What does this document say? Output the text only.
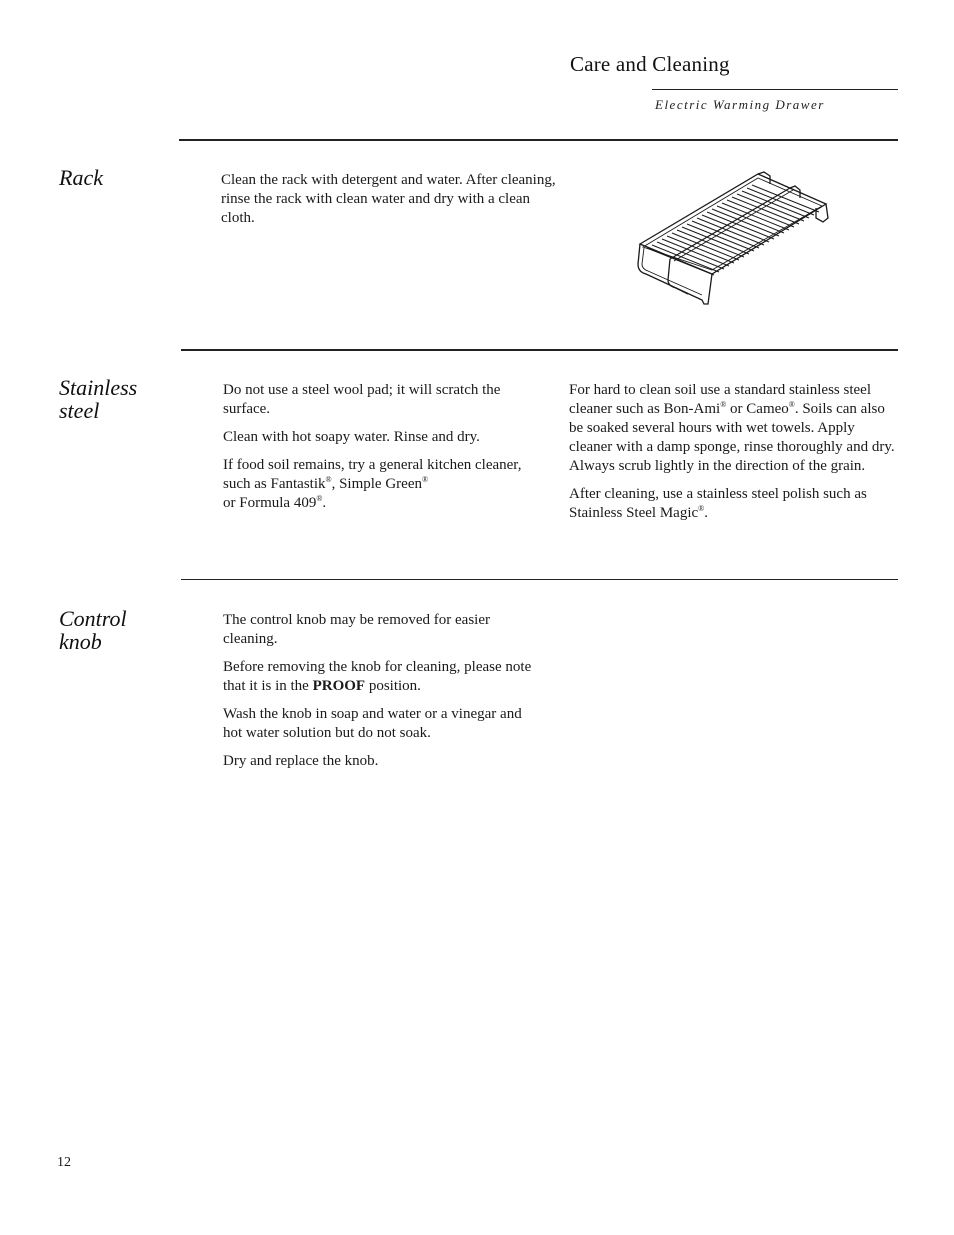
Care and Cleaning
Electric Warming Drawer
Rack	Clean the rack with detergent and water. After cleaning, rinse the rack with clean water and dry with a clean cloth.

Stainless
steel

Do not use a steel wool pad; it will scratch the surface.

Clean with hot soapy water. Rinse and dry.

If food soil remains, try a general kitchen cleaner, such as Fantastik®, Simple Green®
or Formula 409®.

For hard to clean soil use a standard stainless steel cleaner such as Bon-Ami® or Cameo®. Soils can also be soaked several hours with wet towels. Apply cleaner with a damp sponge, rinse thoroughly and dry. Always scrub lightly in the direction of the grain.

After cleaning, use a stainless steel polish such as Stainless Steel Magic®.

Control
knob

The control knob may be removed for easier cleaning.

Before removing the knob for cleaning, please note that it is in the PROOF position.

Wash the knob in soap and water or a vinegar and hot water solution but do not soak.

Dry and replace the knob.

12
